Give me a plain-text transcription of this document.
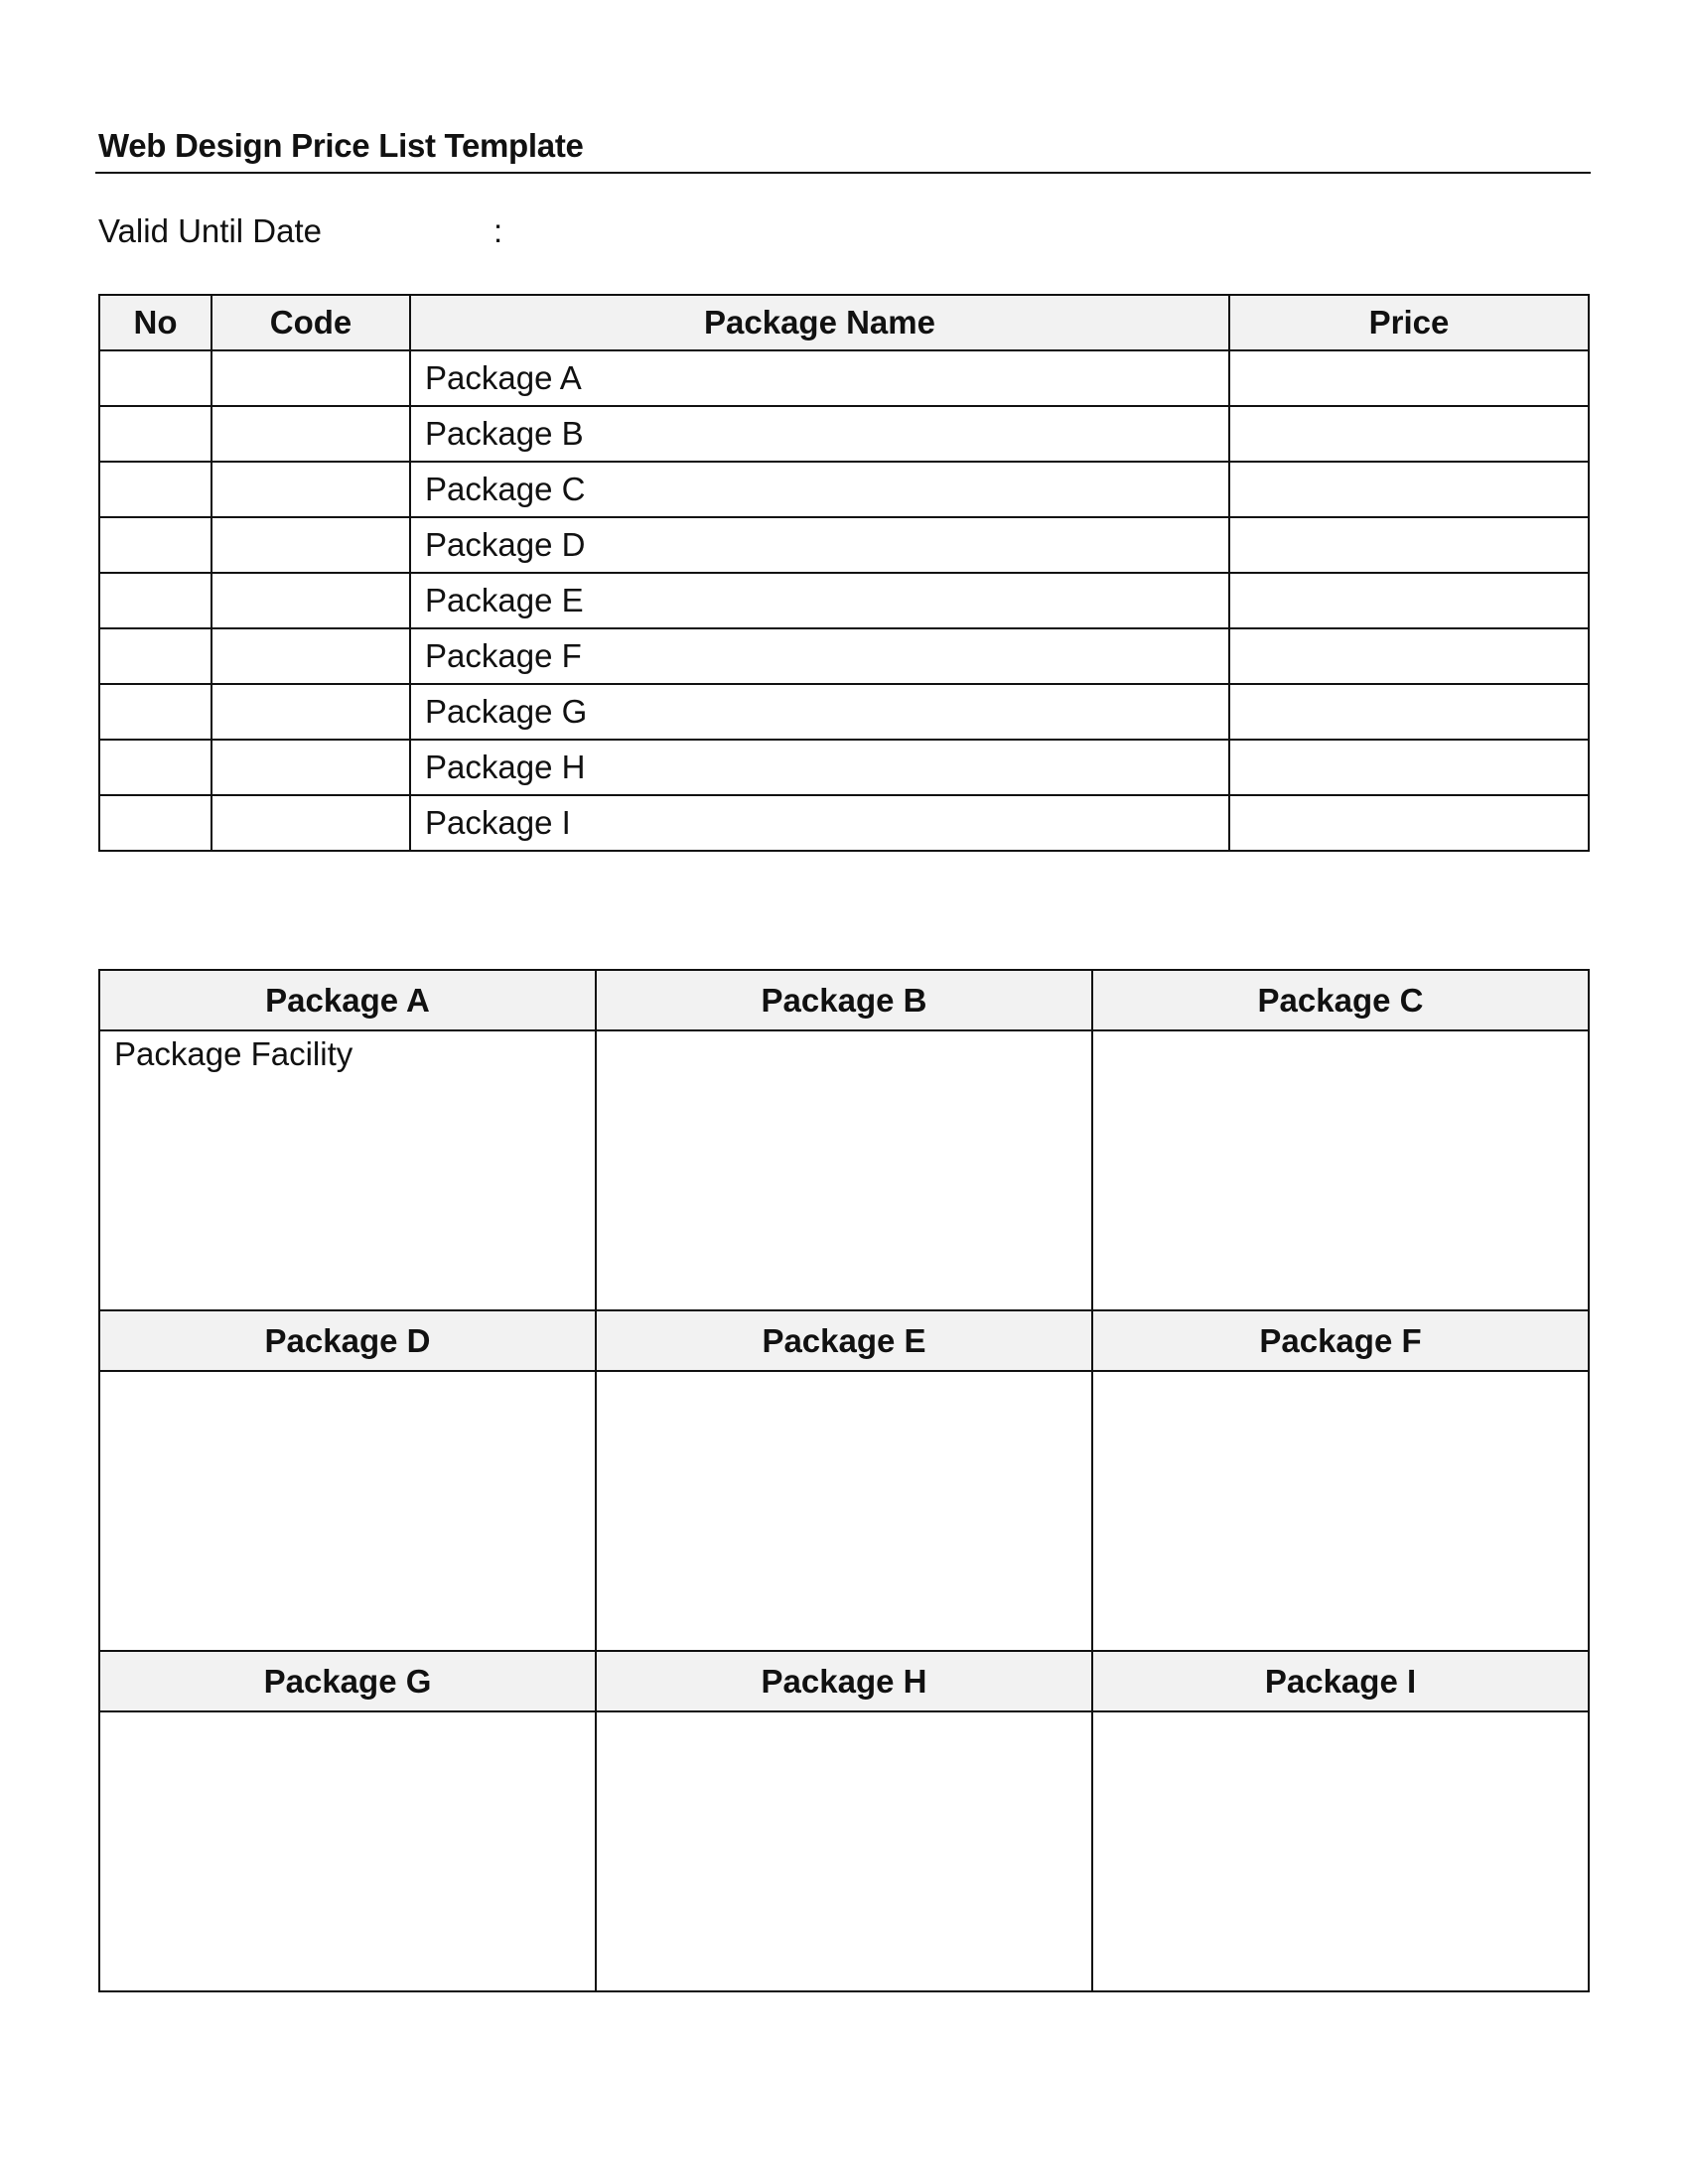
Web Design Price List Template
Valid Until Date	:
No	Code	Package Name	Price
		Package A	
		Package B	
		Package C	
		Package D	
		Package E	
		Package F	
		Package G	
		Package H	
		Package I	
Package A	Package B	Package C

Package Facility		

Package D	Package E	Package F

Package G	Package H	Package I
